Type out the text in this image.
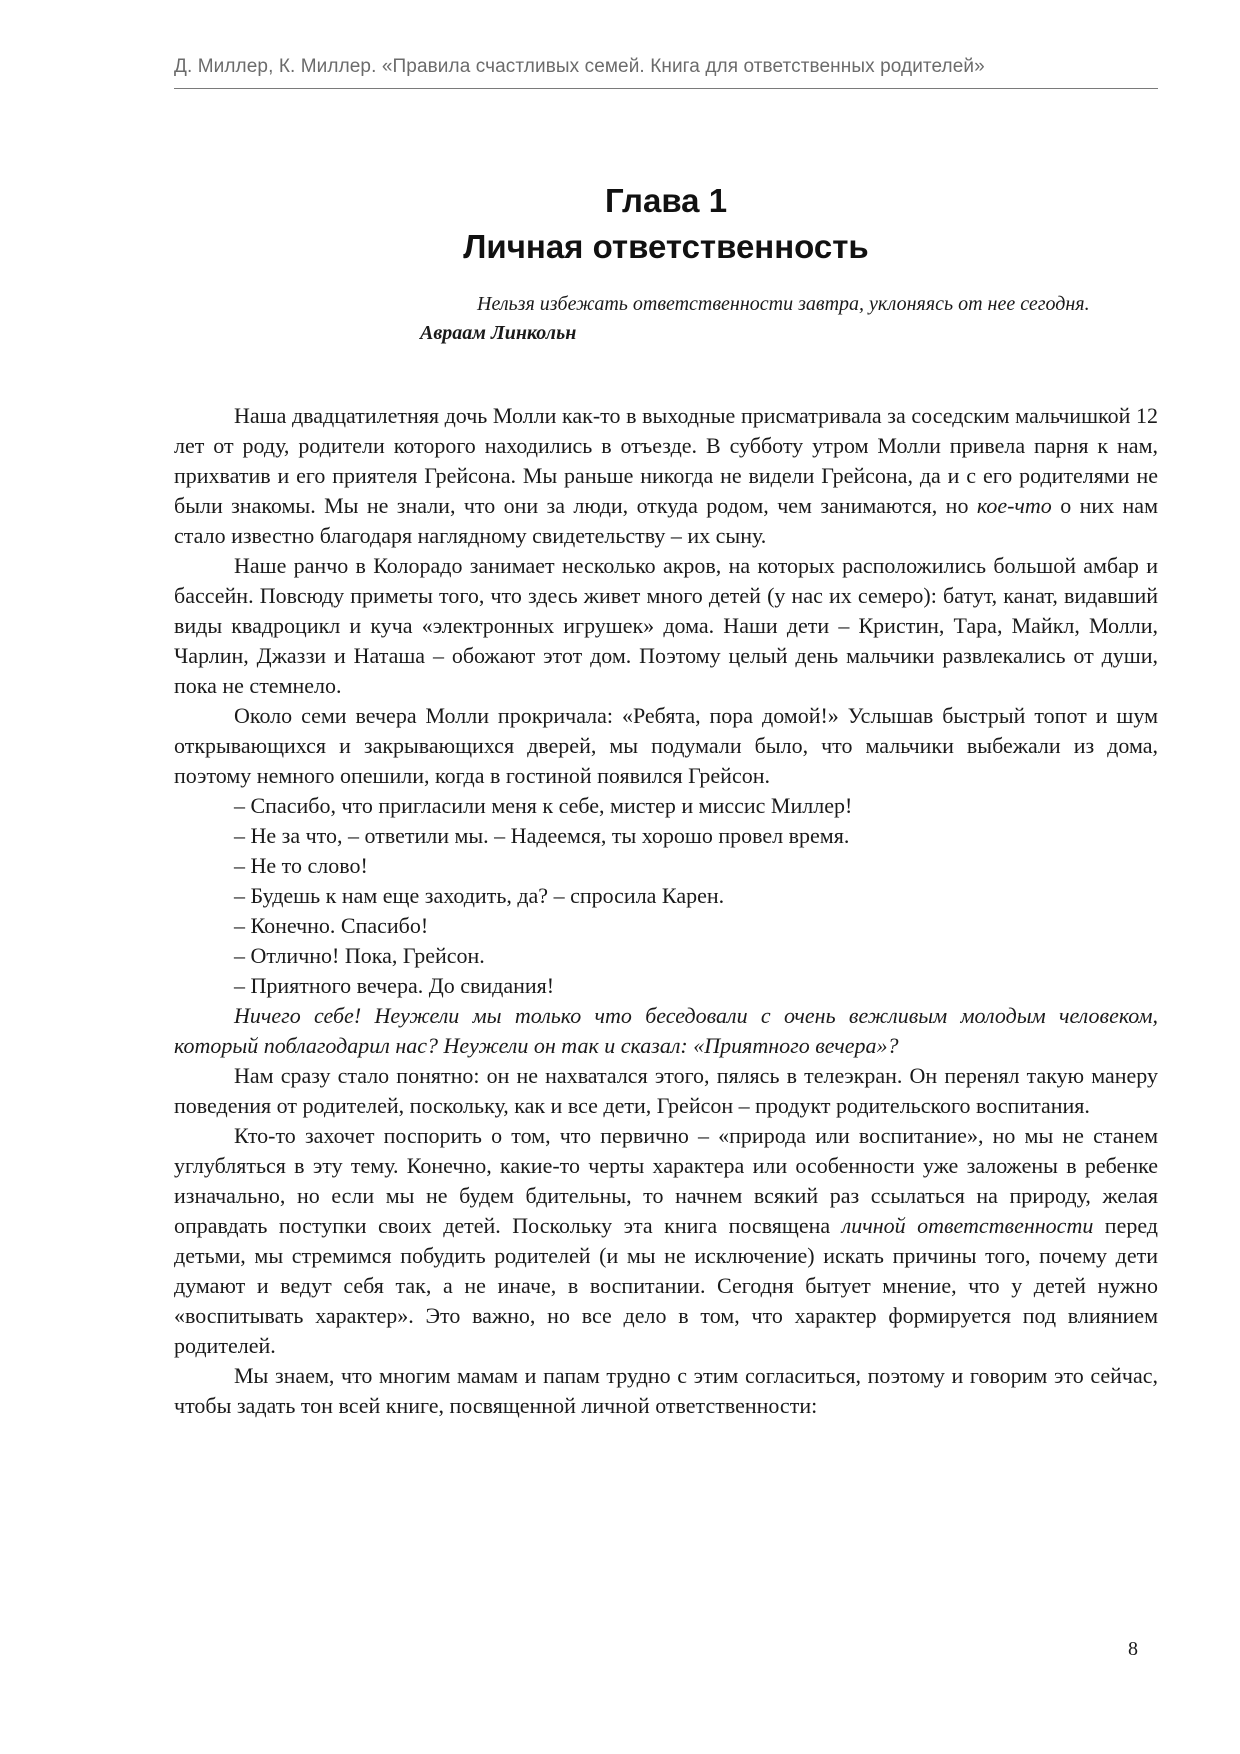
Д. Миллер, К. Миллер. «Правила счастливых семей. Книга для ответственных родителей»
Глава 1
Личная ответственность

Нельзя избежать ответственности завтра, уклоняясь от нее сегодня.

Авраам Линкольн

Наша двадцатилетняя дочь Молли как-то в выходные присматривала за соседским мальчишкой 12 лет от роду, родители которого находились в отъезде. В субботу утром Молли привела парня к нам, прихватив и его приятеля Грейсона. Мы раньше никогда не видели Грейсона, да и с его родителями не были знакомы. Мы не знали, что они за люди, откуда родом, чем занимаются, но кое-что о них нам стало известно благодаря наглядному свидетельству – их сыну.

Наше ранчо в Колорадо занимает несколько акров, на которых расположились большой амбар и бассейн. Повсюду приметы того, что здесь живет много детей (у нас их семеро): батут, канат, видавший виды квадроцикл и куча «электронных игрушек» дома. Наши дети – Кристин, Тара, Майкл, Молли, Чарлин, Джаззи и Наташа – обожают этот дом. Поэтому целый день мальчики развлекались от души, пока не стемнело.

Около семи вечера Молли прокричала: «Ребята, пора домой!» Услышав быстрый топот и шум открывающихся и закрывающихся дверей, мы подумали было, что мальчики выбежали из дома, поэтому немного опешили, когда в гостиной появился Грейсон.

– Спасибо, что пригласили меня к себе, мистер и миссис Миллер!

– Не за что, – ответили мы. – Надеемся, ты хорошо провел время.

– Не то слово!

– Будешь к нам еще заходить, да? – спросила Карен.

– Конечно. Спасибо!

– Отлично! Пока, Грейсон.

– Приятного вечера. До свидания!

Ничего себе! Неужели мы только что беседовали с очень вежливым молодым человеком, который поблагодарил нас? Неужели он так и сказал: «Приятного вечера»?

Нам сразу стало понятно: он не нахватался этого, пялясь в телеэкран. Он перенял такую манеру поведения от родителей, поскольку, как и все дети, Грейсон – продукт родительского воспитания.

Кто-то захочет поспорить о том, что первично – «природа или воспитание», но мы не станем углубляться в эту тему. Конечно, какие-то черты характера или особенности уже заложены в ребенке изначально, но если мы не будем бдительны, то начнем всякий раз ссылаться на природу, желая оправдать поступки своих детей. Поскольку эта книга посвящена личной ответственности перед детьми, мы стремимся побудить родителей (и мы не исключение) искать причины того, почему дети думают и ведут себя так, а не иначе, в воспитании. Сегодня бытует мнение, что у детей нужно «воспитывать характер». Это важно, но все дело в том, что характер формируется под влиянием родителей.

Мы знаем, что многим мамам и папам трудно с этим согласиться, поэтому и говорим это сейчас, чтобы задать тон всей книге, посвященной личной ответственности:

8
